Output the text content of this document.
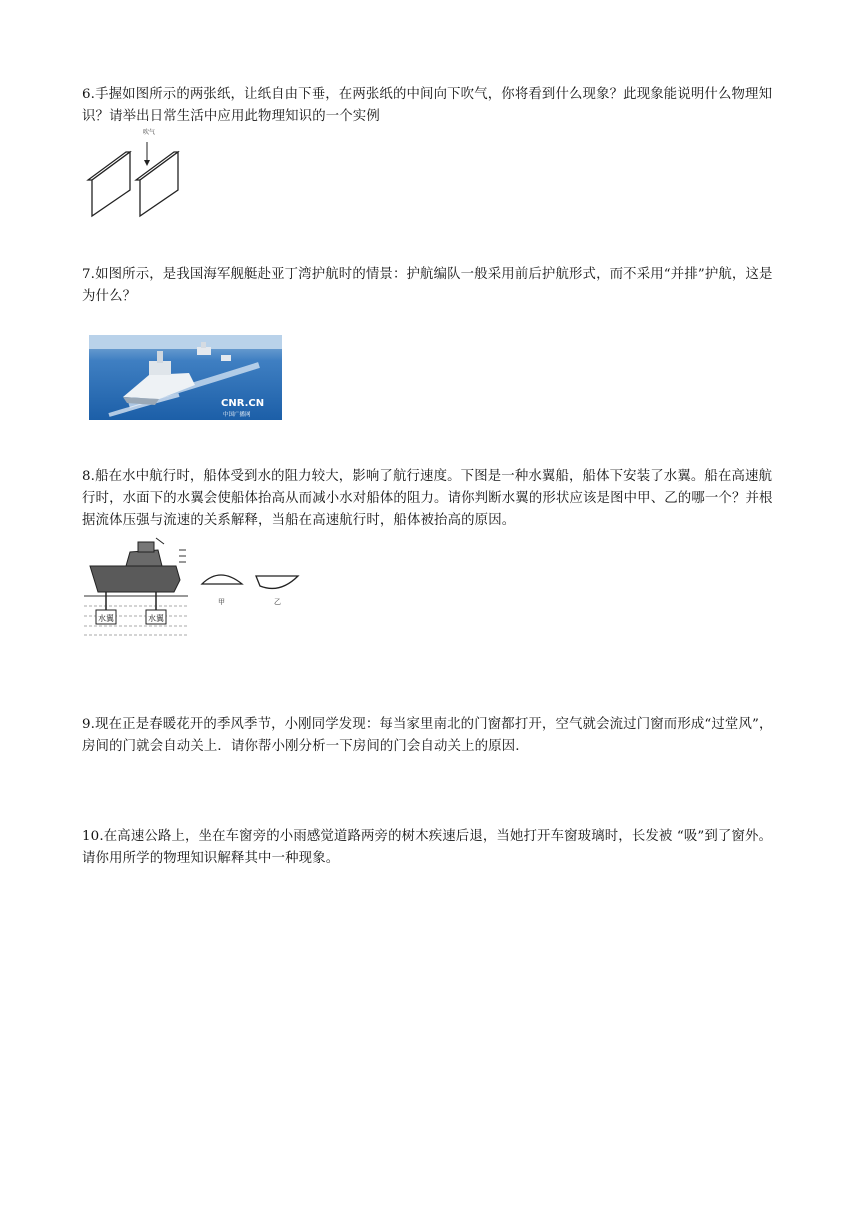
6.手握如图所示的两张纸，让纸自由下垂，在两张纸的中间向下吹气，你将看到什么现象？此现象能说明什么物理知识？请举出日常生活中应用此物理知识的一个实例
吹气
7.如图所示，是我国海军舰艇赴亚丁湾护航时的情景：护航编队一般采用前后护航形式，而不采用“并排”护航，这是为什么？
CNR.CN
中国广播网
8.船在水中航行时，船体受到水的阻力较大，影响了航行速度。下图是一种水翼船，船体下安装了水翼。船在高速航行时，水面下的水翼会使船体抬高从而减小水对船体的阻力。请你判断水翼的形状应该是图中甲、乙的哪一个？并根据流体压强与流速的关系解释，当船在高速航行时，船体被抬高的原因。
水翼	水翼
甲	乙
9.现在正是春暖花开的季风季节，小刚同学发现：每当家里南北的门窗都打开，空气就会流过门窗而形成“过堂风”，房间的门就会自动关上．请你帮小刚分析一下房间的门会自动关上的原因.
10.在高速公路上，坐在车窗旁的小雨感觉道路两旁的树木疾速后退，当她打开车窗玻璃时，长发被 “吸”到了窗外。请你用所学的物理知识解释其中一种现象。
